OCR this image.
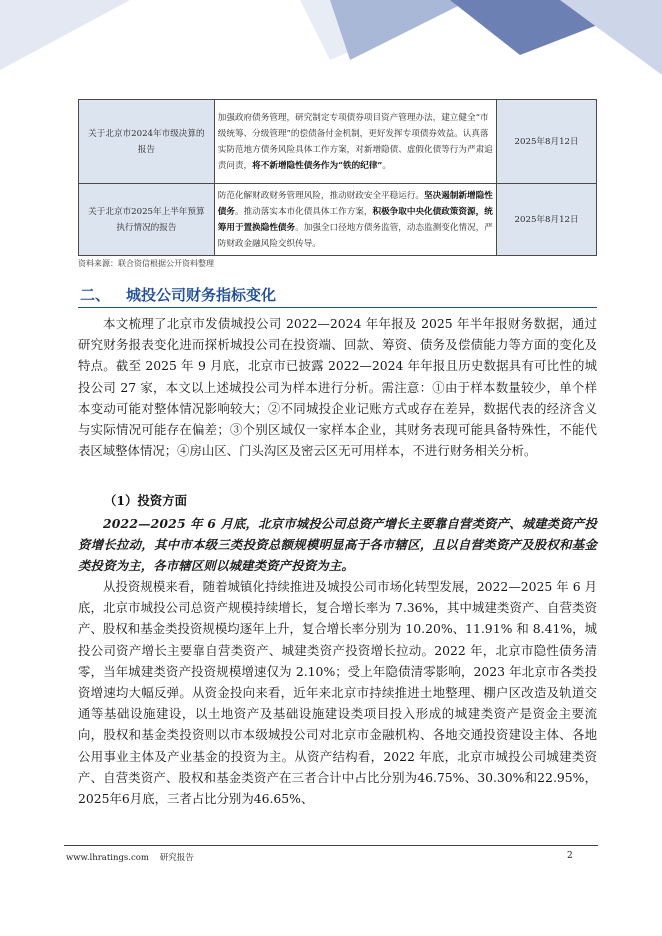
关于北京市2024年市级决算的报告	加强政府债务管理，研究制定专项债券项目资产管理办法，建立健全“市级统筹、分级管理”的偿债备付金机制，更好发挥专项债券效益。认真落实防范地方债务风险具体工作方案，对新增隐债、虚假化债等行为严肃追责问责，将不新增隐性债务作为“铁的纪律”。	2025年8月12日
关于北京市2025年上半年预算执行情况的报告	防范化解财政财务管理风险，推动财政安全平稳运行。坚决遏制新增隐性债务。推动落实本市化债具体工作方案，积极争取中央化债政策资源，统筹用于置换隐性债务。加强全口径地方债务监管，动态监测变化情况，严防财政金融风险交织传导。	2025年8月12日
资料来源：联合资信根据公开资料整理
二、 城投公司财务指标变化

本文梳理了北京市发债城投公司 2022—2024 年年报及 2025 年半年报财务数据，通过研究财务报表变化进而探析城投公司在投资端、回款、筹资、债务及偿债能力等方面的变化及特点。截至 2025 年 9 月底，北京市已披露 2022—2024 年年报且历史数据具有可比性的城投公司 27 家，本文以上述城投公司为样本进行分析。需注意：①由于样本数量较少，单个样本变动可能对整体情况影响较大；②不同城投企业记账方式或存在差异，数据代表的经济含义与实际情况可能存在偏差；③个别区域仅一家样本企业，其财务表现可能具备特殊性，不能代表区域整体情况；④房山区、门头沟区及密云区无可用样本，不进行财务相关分析。

（1）投资方面

2022—2025 年 6 月底，北京市城投公司总资产增长主要靠自营类资产、城建类资产投资增长拉动，其中市本级三类投资总额规模明显高于各市辖区，且以自营类资产及股权和基金类投资为主，各市辖区则以城建类资产投资为主。

从投资规模来看，随着城镇化持续推进及城投公司市场化转型发展，2022—2025 年 6 月底，北京市城投公司总资产规模持续增长，复合增长率为 7.36%，其中城建类资产、自营类资产、股权和基金类投资规模均逐年上升，复合增长率分别为 10.20%、11.91% 和 8.41%，城投公司资产增长主要靠自营类资产、城建类资产投资增长拉动。2022 年，北京市隐性债务清零，当年城建类资产投资规模增速仅为 2.10%；受上年隐债清零影响，2023 年北京市各类投资增速均大幅反弹。从资金投向来看，近年来北京市持续推进土地整理、棚户区改造及轨道交通等基础设施建设，以土地资产及基础设施建设类项目投入形成的城建类资产是资金主要流向，股权和基金类投资则以市本级城投公司对北京市金融机构、各地交通投资建设主体、各地公用事业主体及产业基金的投资为主。从资产结构看，2022 年底，北京市城投公司城建类资产、自营类资产、股权和基金类资产在三者合计中占比分别为46.75%、30.30%和22.95%，2025年6月底，三者占比分别为46.65%、

www.lhratings.com 研究报告	2
